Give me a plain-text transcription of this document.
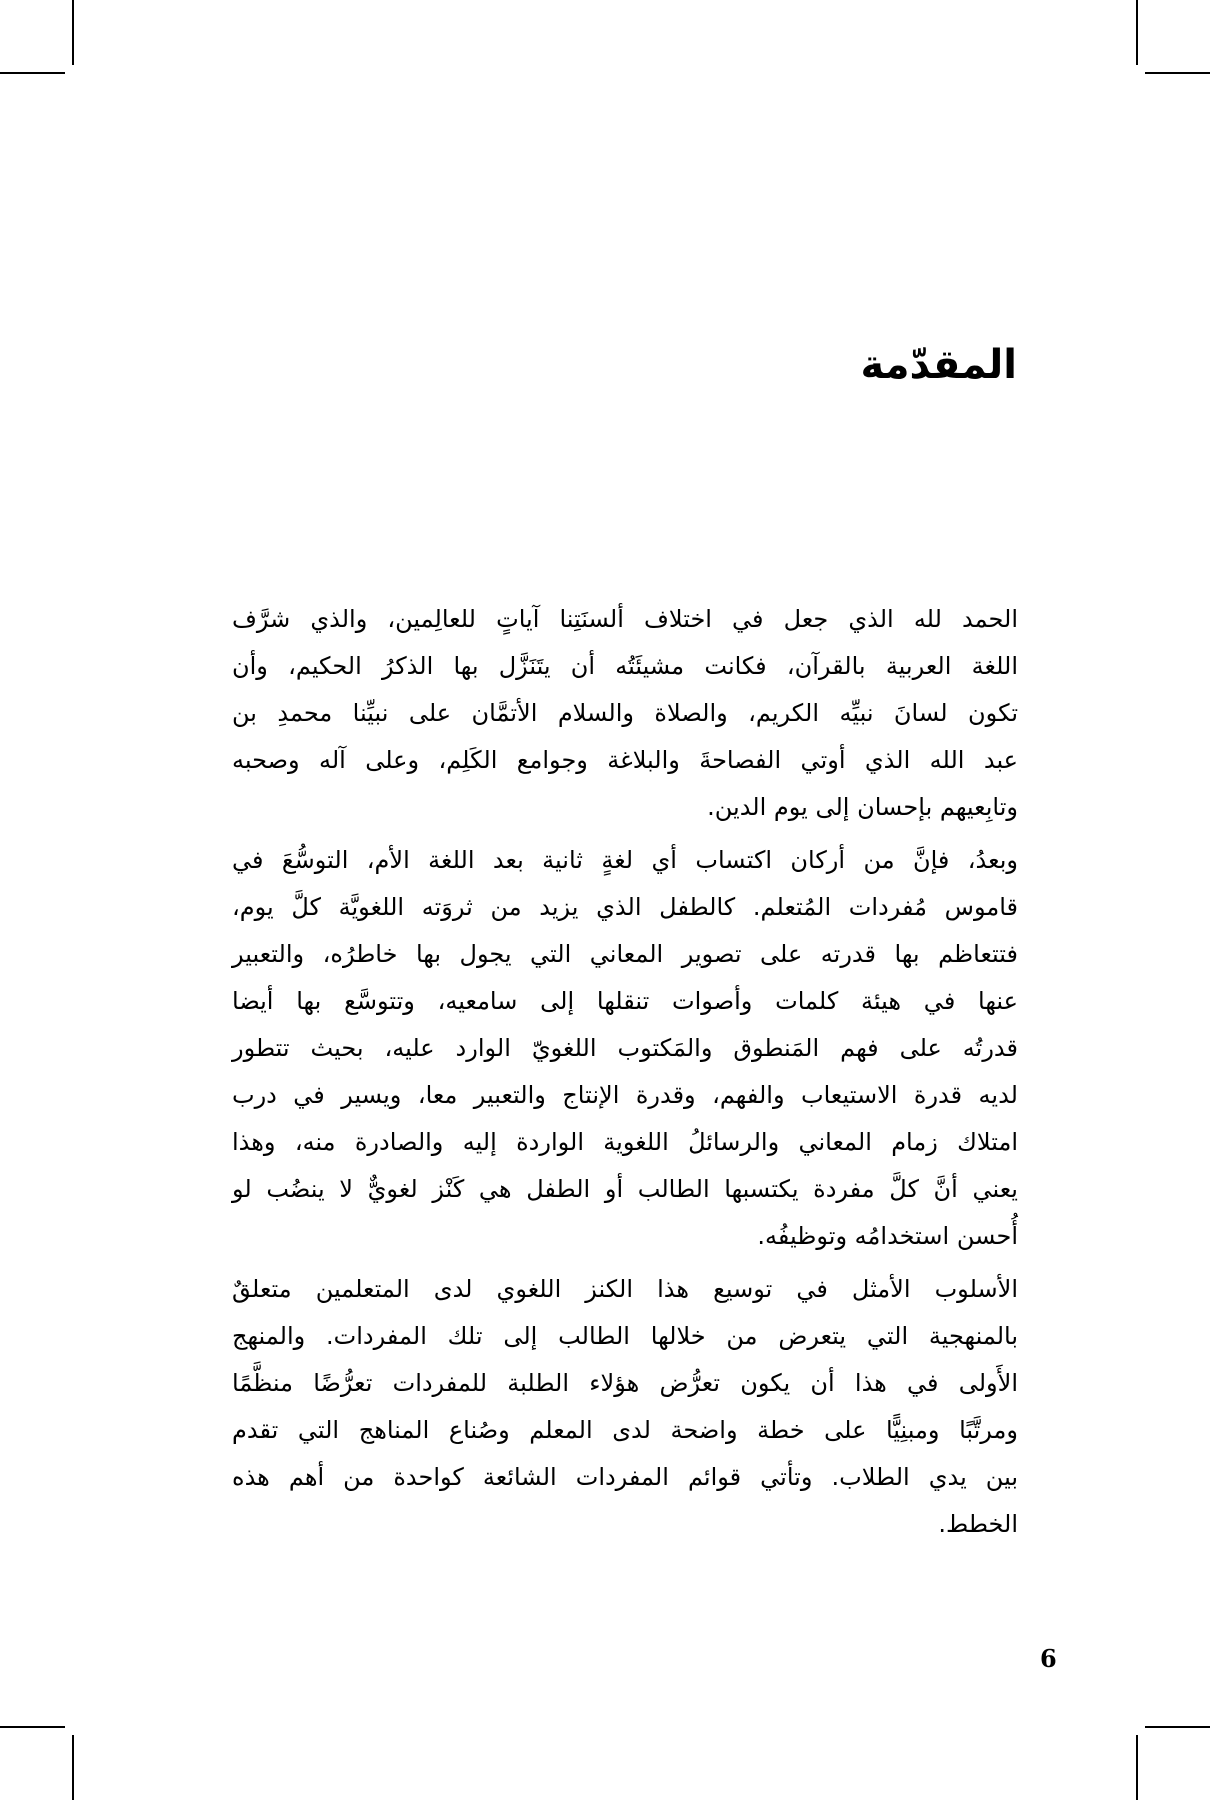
المقدّمة
الحمد لله الذي جعل في اختلاف ألسنَتِنا آياتٍ للعالِمين، والذي شرَّف
اللغة العربية بالقرآن، فكانت مشيئَتُه أن يتَنَزَّل بها الذكرُ الحكيم، وأن
تكون لسانَ نبيِّه الكريم، والصلاة والسلام الأتمَّان على نبيِّنا محمدِ بن
عبد الله الذي أوتي الفصاحةَ والبلاغة وجوامع الكَلِم، وعلى آله وصحبه
وتابِعيهم بإحسان إلى يوم الدين.
وبعدُ، فإنَّ من أركان اكتساب أي لغةٍ ثانية بعد اللغة الأم، التوسُّعَ في
قاموس مُفردات المُتعلم. كالطفل الذي يزيد من ثروَته اللغويَّة كلَّ يوم،
فتتعاظم بها قدرته على تصوير المعاني التي يجول بها خاطرُه، والتعبير
عنها في هيئة كلمات وأصوات تنقلها إلى سامعيه، وتتوسَّع بها أيضا
قدرتُه على فهم المَنطوق والمَكتوب اللغويّ الوارد عليه، بحيث تتطور
لديه قدرة الاستيعاب والفهم، وقدرة الإنتاج والتعبير معا، ويسير في درب
امتلاك زمام المعاني والرسائلُ اللغوية الواردة إليه والصادرة منه، وهذا
يعني أنَّ كلَّ مفردة يكتسبها الطالب أو الطفل هي كَنْز لغويٌّ لا ينضُب لو
أُحسن استخدامُه وتوظيفُه.
الأسلوب الأمثل في توسيع هذا الكنز اللغوي لدى المتعلمين متعلقٌ
بالمنهجية التي يتعرض من خلالها الطالب إلى تلك المفردات. والمنهج
الأَولى في هذا أن يكون تعرُّض هؤلاء الطلبة للمفردات تعرُّضًا منظَّمًا
ومرتَّبًا ومبنِيًّا على خطة واضحة لدى المعلم وصُناع المناهج التي تقدم
بين يدي الطلاب. وتأتي قوائم المفردات الشائعة كواحدة من أهم هذه
الخطط.
6
